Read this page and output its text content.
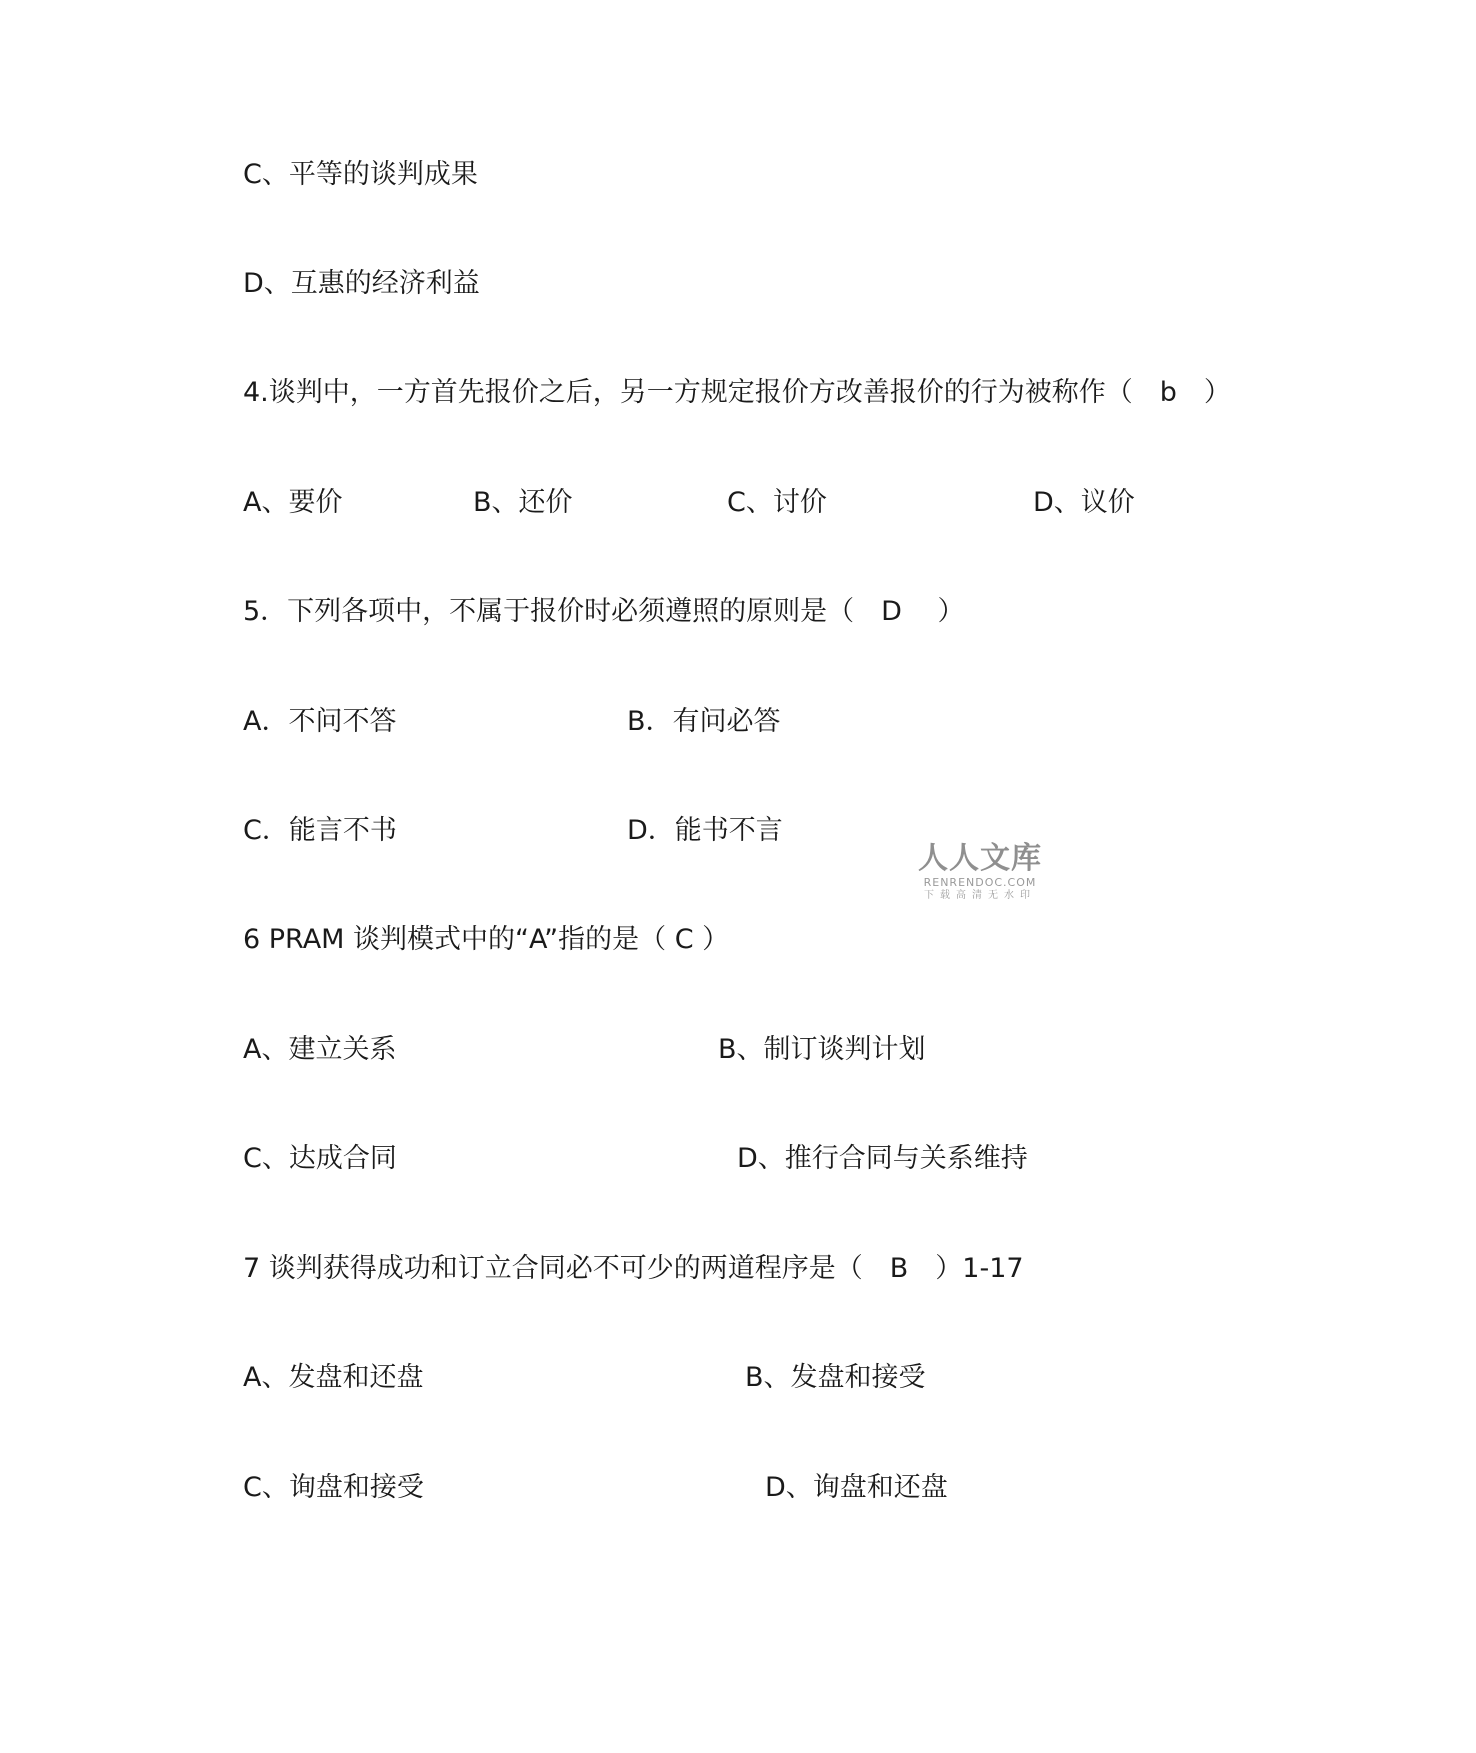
C、平等的谈判成果
D、互惠的经济利益
4.谈判中，一方首先报价之后，另一方规定报价方改善报价的行为被称作（　b　）
A、要价	B、还价	C、讨价	D、议价
5．下列各项中，不属于报价时必须遵照的原则是（　D　 ）
A．不问不答	B．有问必答
C．能言不书	D．能书不言
人人文库
RENRENDOC.COM
下载高清无水印
6 PRAM 谈判模式中的“A”指的是（ C ）
A、建立关系	B、制订谈判计划
C、达成合同	D、推行合同与关系维持
7 谈判获得成功和订立合同必不可少的两道程序是（　B　）1-17
A、发盘和还盘	B、发盘和接受
C、询盘和接受	D、询盘和还盘
